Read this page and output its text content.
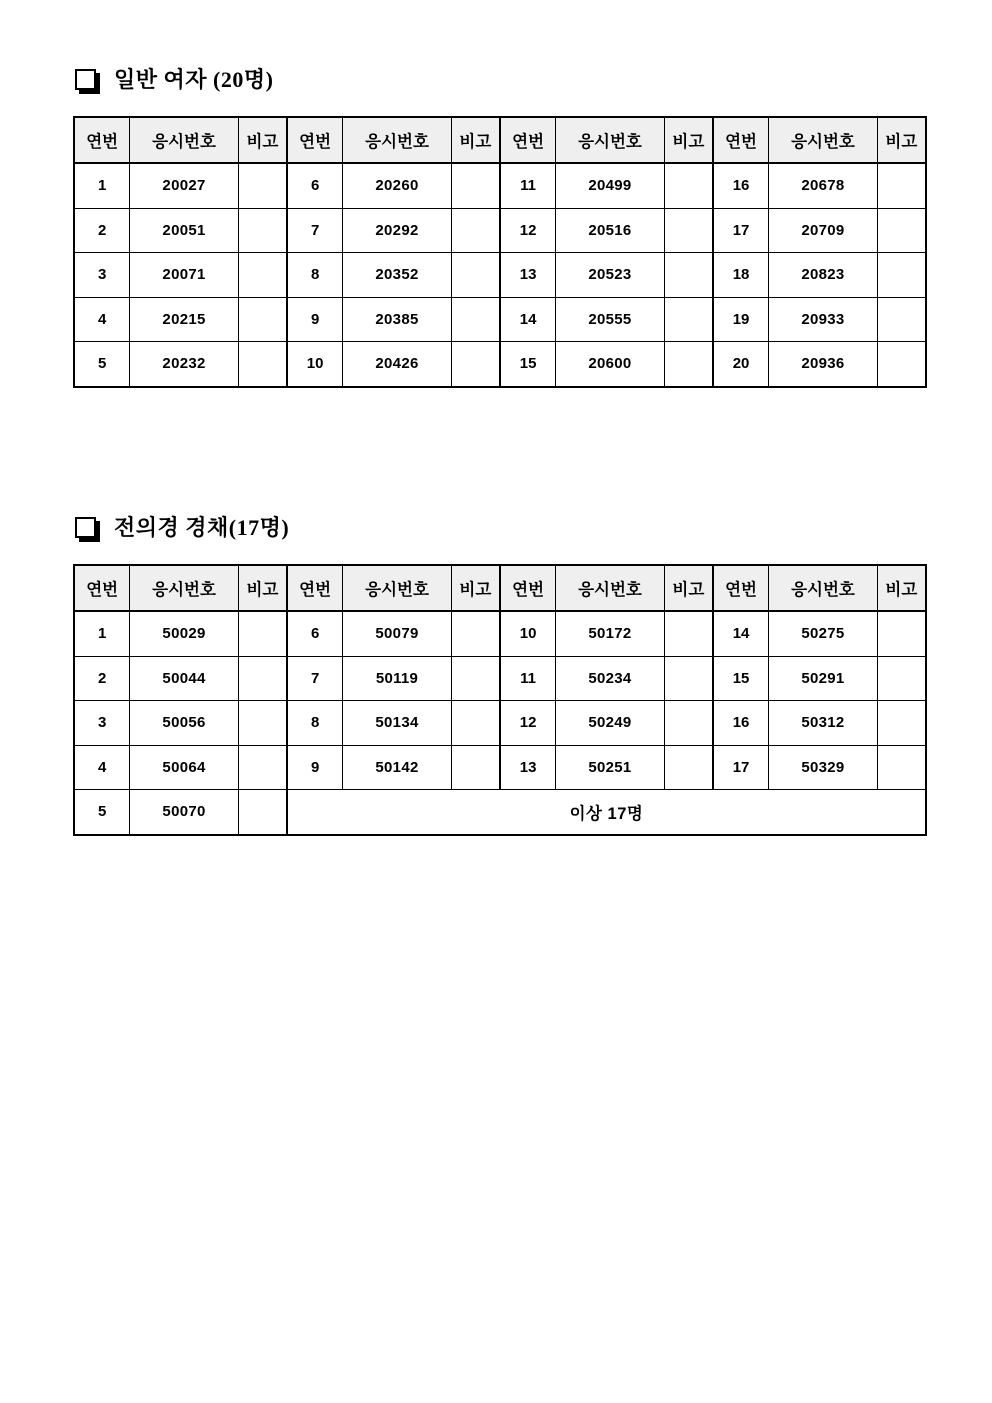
일반 여자 (20명)
연번	응시번호	비고	연번	응시번호	비고	연번	응시번호	비고	연번	응시번호	비고
1	20027		6	20260		11	20499		16	20678	
2	20051		7	20292		12	20516		17	20709	
3	20071		8	20352		13	20523		18	20823	
4	20215		9	20385		14	20555		19	20933	
5	20232		10	20426		15	20600		20	20936	
전의경 경채(17명)
연번	응시번호	비고	연번	응시번호	비고	연번	응시번호	비고	연번	응시번호	비고
1	50029		6	50079		10	50172		14	50275	
2	50044		7	50119		11	50234		15	50291	
3	50056		8	50134		12	50249		16	50312	
4	50064		9	50142		13	50251		17	50329	
5	50070		이상 17명								
